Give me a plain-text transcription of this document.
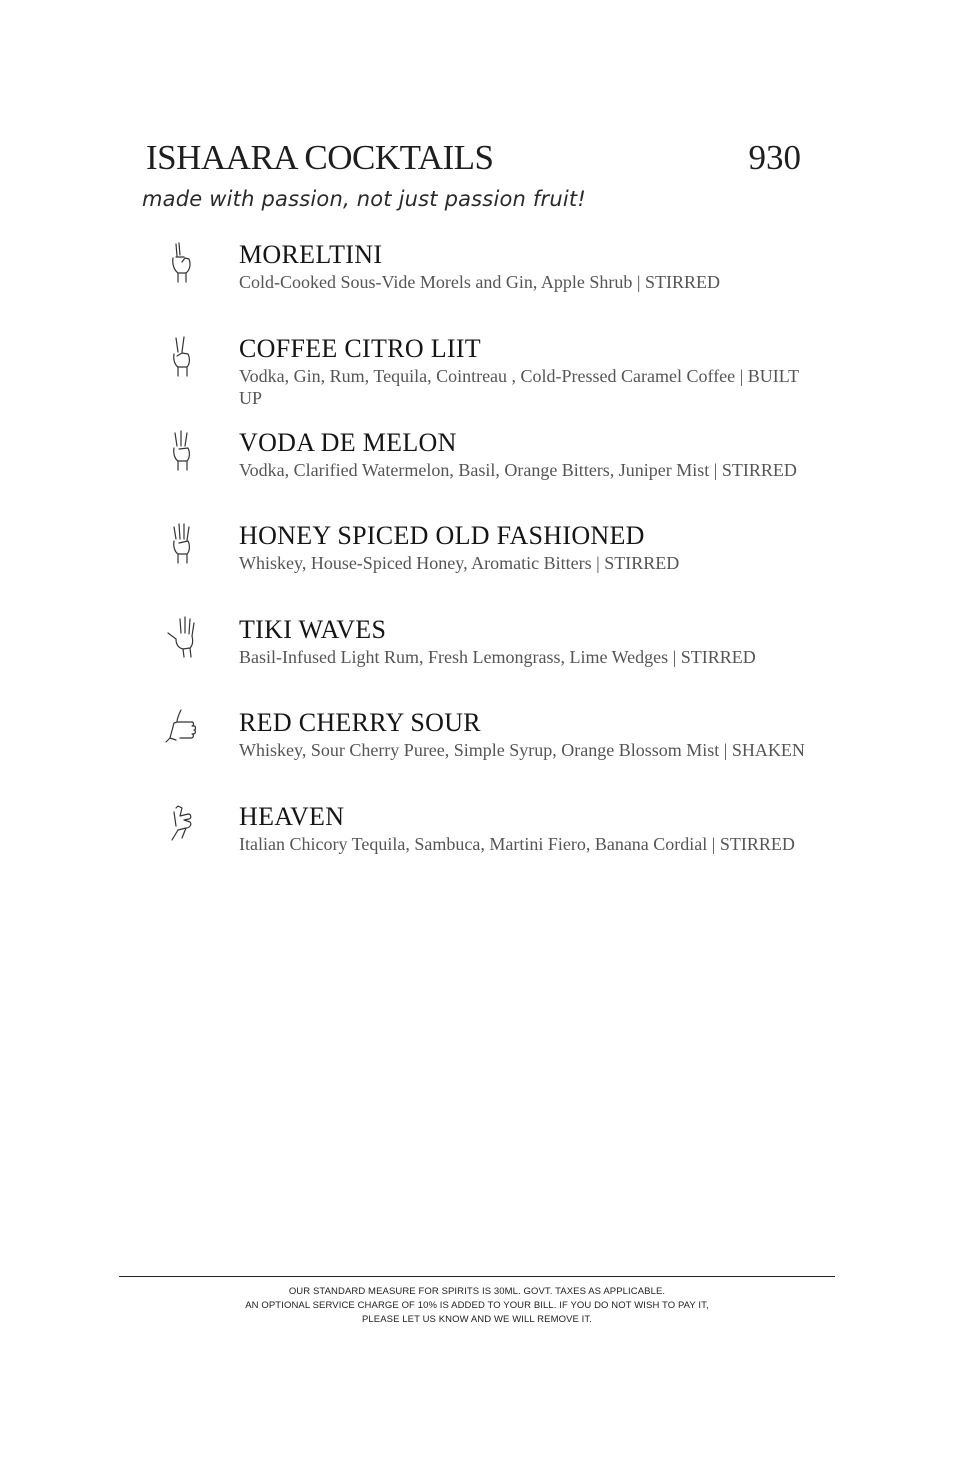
ISHAARA COCKTAILS	930
made with passion, not just passion fruit!
MORELTINI
Cold-Cooked Sous-Vide Morels and Gin, Apple Shrub | STIRRED
COFFEE CITRO LIIT
Vodka, Gin, Rum, Tequila, Cointreau , Cold-Pressed Caramel Coffee | BUILT UP
VODA DE MELON
Vodka, Clarified Watermelon, Basil, Orange Bitters, Juniper Mist | STIRRED
HONEY SPICED OLD FASHIONED
Whiskey, House-Spiced Honey, Aromatic Bitters | STIRRED
TIKI WAVES
Basil-Infused Light Rum, Fresh Lemongrass, Lime Wedges | STIRRED
RED CHERRY SOUR
Whiskey, Sour Cherry Puree, Simple Syrup, Orange Blossom Mist | SHAKEN
HEAVEN
Italian Chicory Tequila, Sambuca, Martini Fiero, Banana Cordial | STIRRED
OUR STANDARD MEASURE FOR SPIRITS IS 30ML. GOVT. TAXES AS APPLICABLE.
AN OPTIONAL SERVICE CHARGE OF 10% IS ADDED TO YOUR BILL. IF YOU DO NOT WISH TO PAY IT,
PLEASE LET US KNOW AND WE WILL REMOVE IT.
